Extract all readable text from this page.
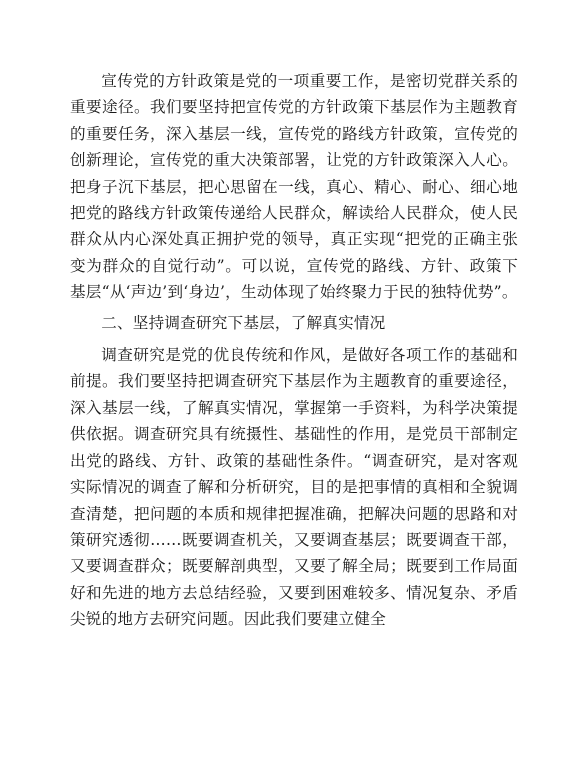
宣传党的方针政策是党的一项重要工作，是密切党群关系的重要途径。我们要坚持把宣传党的方针政策下基层作为主题教育的重要任务，深入基层一线，宣传党的路线方针政策，宣传党的创新理论，宣传党的重大决策部署，让党的方针政策深入人心。把身子沉下基层，把心思留在一线，真心、精心、耐心、细心地把党的路线方针政策传递给人民群众，解读给人民群众，使人民群众从内心深处真正拥护党的领导，真正实现“把党的正确主张变为群众的自觉行动”。可以说，宣传党的路线、方针、政策下基层“从‘声边’到‘身边’，生动体现了始终聚力于民的独特优势”。

二、坚持调查研究下基层，了解真实情况

调查研究是党的优良传统和作风，是做好各项工作的基础和前提。我们要坚持把调查研究下基层作为主题教育的重要途径，深入基层一线，了解真实情况，掌握第一手资料，为科学决策提供依据。调查研究具有统摄性、基础性的作用，是党员干部制定出党的路线、方针、政策的基础性条件。“调查研究，是对客观实际情况的调查了解和分析研究，目的是把事情的真相和全貌调查清楚，把问题的本质和规律把握准确，把解决问题的思路和对策研究透彻……既要调查机关，又要调查基层；既要调查干部，又要调查群众；既要解剖典型，又要了解全局；既要到工作局面好和先进的地方去总结经验，又要到困难较多、情况复杂、矛盾尖锐的地方去研究问题。因此我们要建立健全
